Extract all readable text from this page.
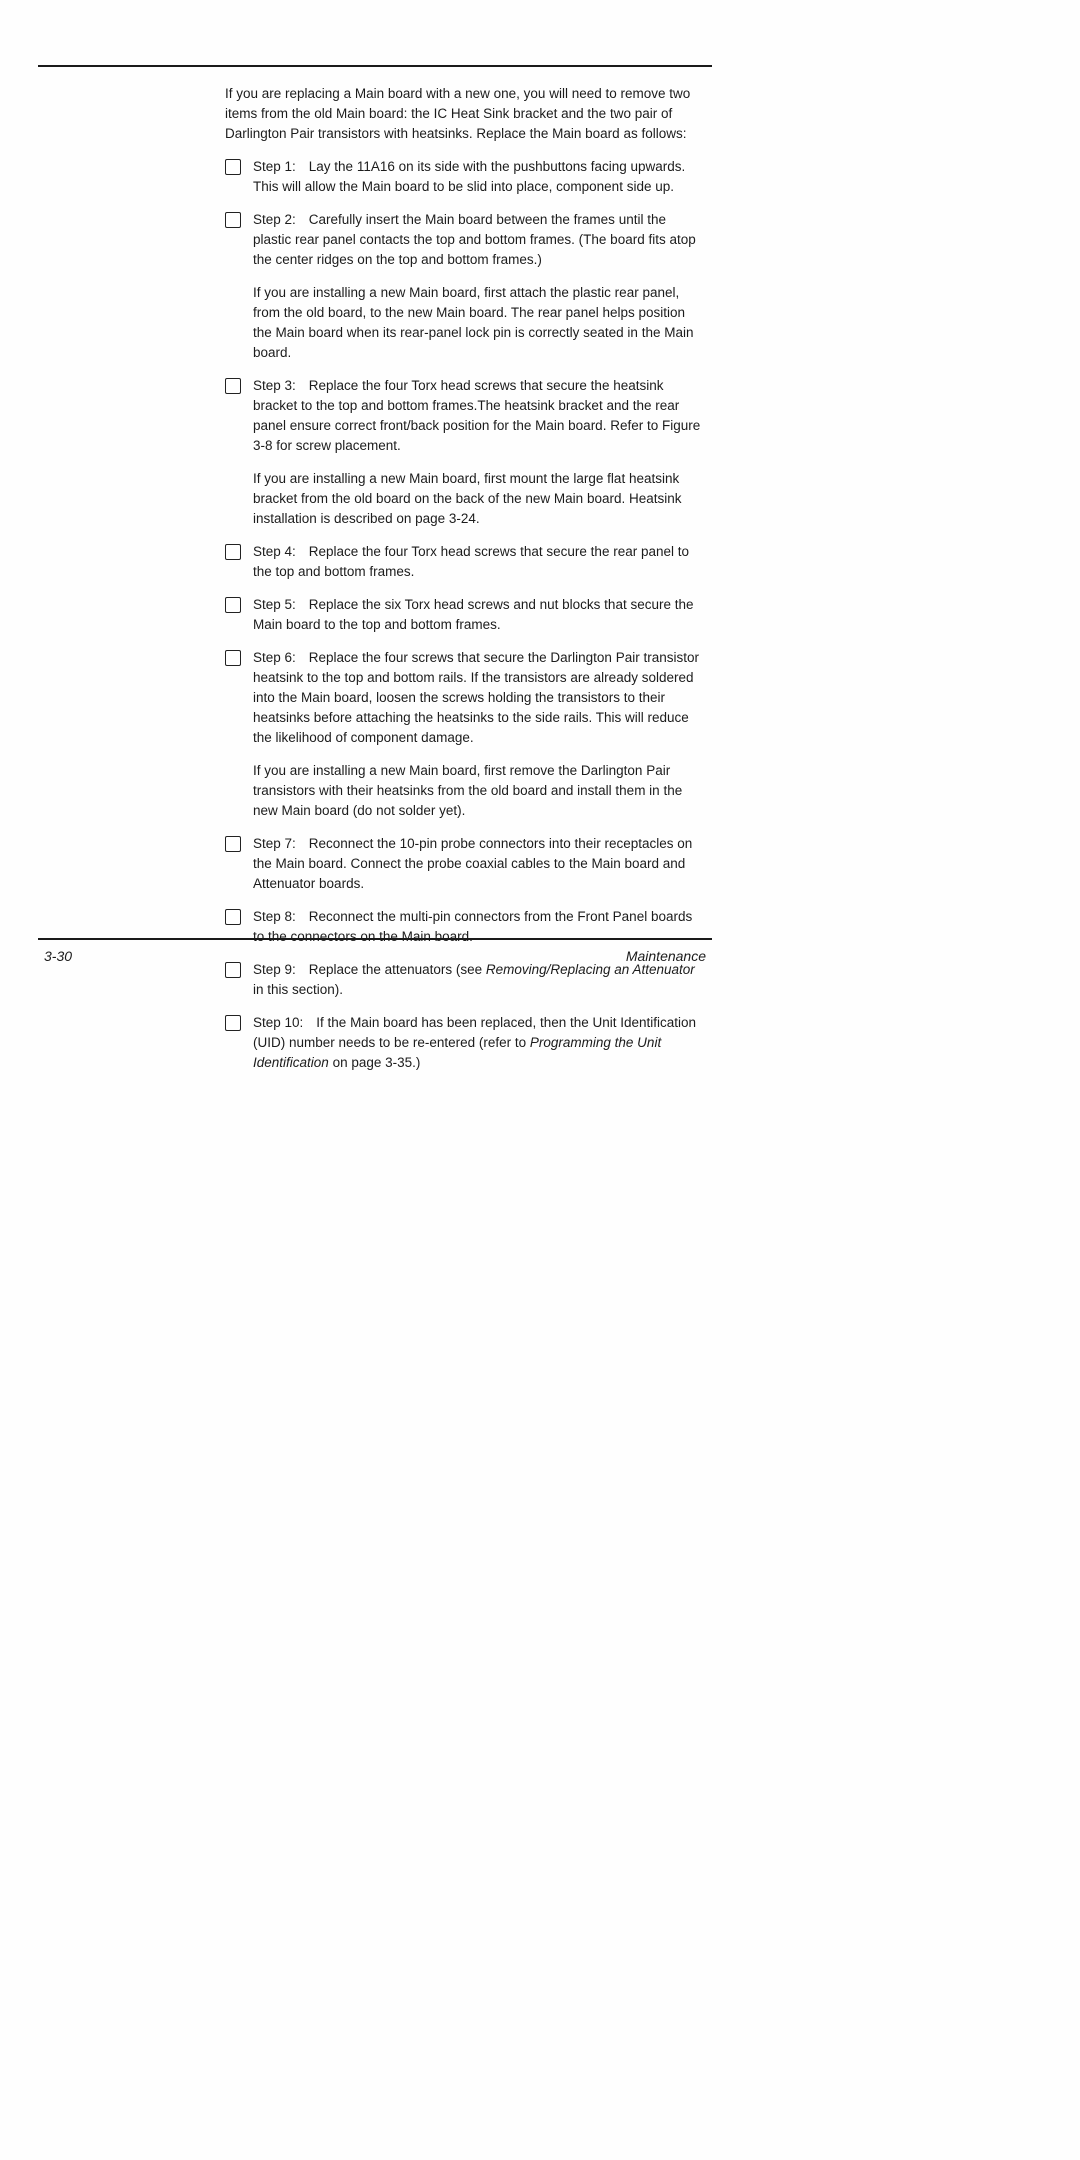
If you are replacing a Main board with a new one, you will need to remove two items from the old Main board: the IC Heat Sink bracket and the two pair of Darlington Pair transistors with heatsinks. Replace the Main board as follows:

Step 1: Lay the 11A16 on its side with the pushbuttons facing upwards. This will allow the Main board to be slid into place, component side up.
Step 2: Carefully insert the Main board between the frames until the plastic rear panel contacts the top and bottom frames. (The board fits atop the center ridges on the top and bottom frames.)
If you are installing a new Main board, first attach the plastic rear panel, from the old board, to the new Main board. The rear panel helps position the Main board when its rear-panel lock pin is correctly seated in the Main board.
Step 3: Replace the four Torx head screws that secure the heatsink bracket to the top and bottom frames.The heatsink bracket and the rear panel ensure correct front/back position for the Main board. Refer to Figure 3-8 for screw placement.
If you are installing a new Main board, first mount the large flat heatsink bracket from the old board on the back of the new Main board. Heatsink installation is described on page 3-24.
Step 4: Replace the four Torx head screws that secure the rear panel to the top and bottom frames.
Step 5: Replace the six Torx head screws and nut blocks that secure the Main board to the top and bottom frames.
Step 6: Replace the four screws that secure the Darlington Pair transistor heatsink to the top and bottom rails. If the transistors are already soldered into the Main board, loosen the screws holding the transistors to their heatsinks before attaching the heatsinks to the side rails. This will reduce the likelihood of component damage.
If you are installing a new Main board, first remove the Darlington Pair transistors with their heatsinks from the old board and install them in the new Main board (do not solder yet).
Step 7: Reconnect the 10-pin probe connectors into their receptacles on the Main board. Connect the probe coaxial cables to the Main board and Attenuator boards.
Step 8: Reconnect the multi-pin connectors from the Front Panel boards to the connectors on the Main board.
Step 9: Replace the attenuators (see Removing/Replacing an Attenuator in this section).
Step 10: If the Main board has been replaced, then the Unit Identification (UID) number needs to be re-entered (refer to Programming the Unit Identification on page 3-35.)
3-30	Maintenance
